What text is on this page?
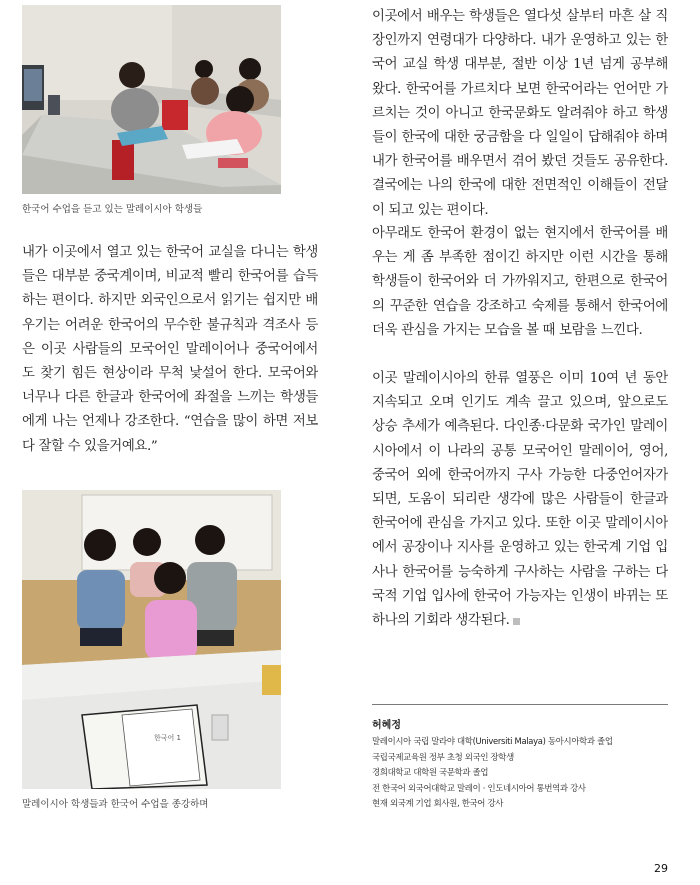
한국어 수업을 듣고 있는 말레이시아 학생들
내가 이곳에서 열고 있는 한국어 교실을 다니는 학생
들은 대부분 중국계이며, 비교적 빨리 한국어를 습득
하는 편이다. 하지만 외국인으로서 읽기는 쉽지만 배
우기는 어려운 한국어의 무수한 불규칙과 격조사 등
은 이곳 사람들의 모국어인 말레이어나 중국어에서
도 찾기 힘든 현상이라 무척 낯설어 한다. 모국어와
너무나 다른 한글과 한국어에 좌절을 느끼는 학생들
에게 나는 언제나 강조한다. “연습을 많이 하면 저보
다 잘할 수 있을거예요.”
한국어 1
말레이시아 학생들과 한국어 수업을 종강하며
이곳에서 배우는 학생들은 열다섯 살부터 마흔 살 직
장인까지 연령대가 다양하다. 내가 운영하고 있는 한
국어 교실 학생 대부분, 절반 이상 1년 넘게 공부해
왔다. 한국어를 가르치다 보면 한국어라는 언어만 가
르치는 것이 아니고 한국문화도 알려줘야 하고 학생
들이 한국에 대한 궁금함을 다 일일이 답해줘야 하며
내가 한국어를 배우면서 겪어 봤던 것들도 공유한다.
결국에는 나의 한국에 대한 전면적인 이해들이 전달
이 되고 있는 편이다.
아무래도 한국어 환경이 없는 현지에서 한국어를 배
우는 게 좀 부족한 점이긴 하지만 이런 시간을 통해
학생들이 한국어와 더 가까워지고, 한편으로 한국어
의 꾸준한 연습을 강조하고 숙제를 통해서 한국어에
더욱 관심을 가지는 모습을 볼 때 보람을 느낀다.
이곳 말레이시아의 한류 열풍은 이미 10여 년 동안
지속되고 오며 인기도 계속 끌고 있으며, 앞으로도
상승 추세가 예측된다. 다인종·다문화 국가인 말레이
시아에서 이 나라의 공통 모국어인 말레이어, 영어,
중국어 외에 한국어까지 구사 가능한 다중언어자가
되면, 도움이 되리란 생각에 많은 사람들이 한글과
한국어에 관심을 가지고 있다. 또한 이곳 말레이시아
에서 공장이나 지사를 운영하고 있는 한국계 기업 입
사나 한국어를 능숙하게 구사하는 사람을 구하는 다
국적 기업 입사에 한국어 가능자는 인생이 바뀌는 또
하나의 기회라 생각된다.
허혜정
말레이시아 국립 말라야 대학(Universiti Malaya) 동아시아학과 졸업
국립국제교육원 정부 초청 외국인 장학생
경희대학교 대학원 국문학과 졸업
전 한국어 외국어대학교 말레이 · 인도네시아어 통번역과 강사
현재 외국계 기업 회사원, 한국어 강사
29
